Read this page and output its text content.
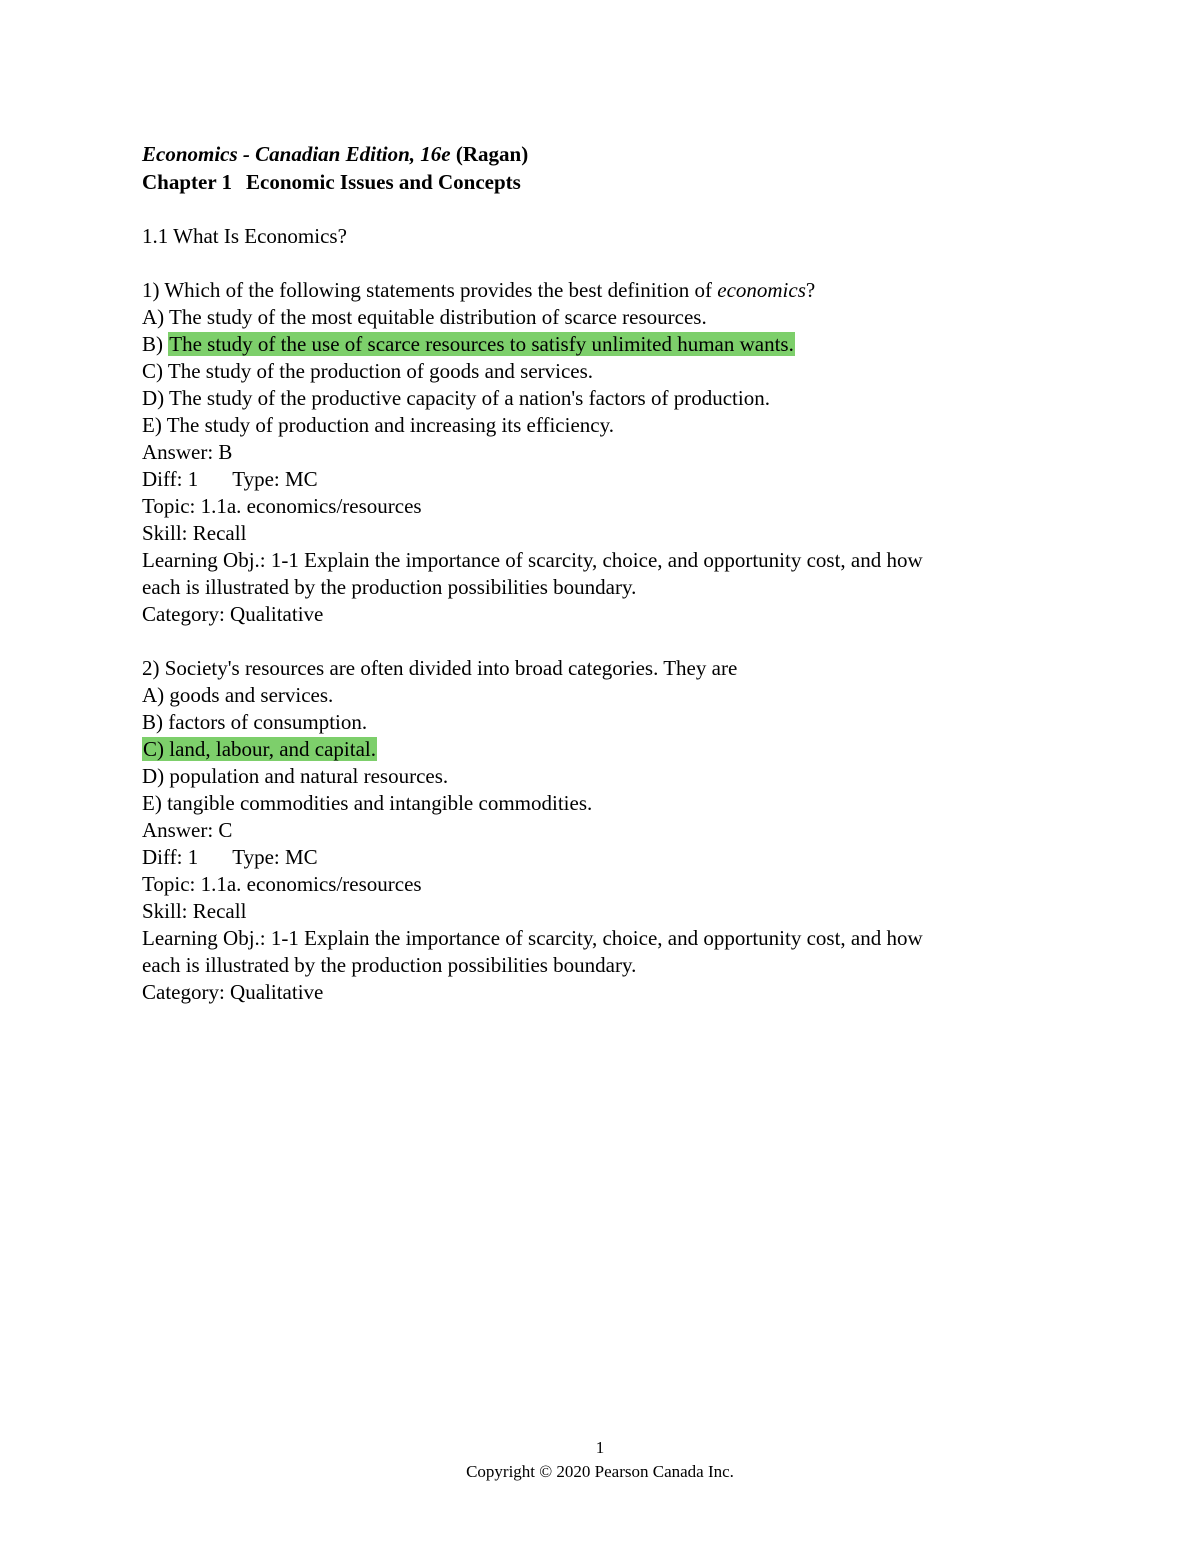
Economics - Canadian Edition, 16e (Ragan)
Chapter 1 Economic Issues and Concepts
1.1 What Is Economics?
1) Which of the following statements provides the best definition of economics?
A) The study of the most equitable distribution of scarce resources.
B) The study of the use of scarce resources to satisfy unlimited human wants.
C) The study of the production of goods and services.
D) The study of the productive capacity of a nation's factors of production.
E) The study of production and increasing its efficiency.
Answer: B
Diff: 1 Type: MC
Topic: 1.1a. economics/resources
Skill: Recall
Learning Obj.: 1-1 Explain the importance of scarcity, choice, and opportunity cost, and how
each is illustrated by the production possibilities boundary.
Category: Qualitative
2) Society's resources are often divided into broad categories. They are
A) goods and services.
B) factors of consumption.
C) land, labour, and capital.
D) population and natural resources.
E) tangible commodities and intangible commodities.
Answer: C
Diff: 1 Type: MC
Topic: 1.1a. economics/resources
Skill: Recall
Learning Obj.: 1-1 Explain the importance of scarcity, choice, and opportunity cost, and how
each is illustrated by the production possibilities boundary.
Category: Qualitative
1
Copyright © 2020 Pearson Canada Inc.
